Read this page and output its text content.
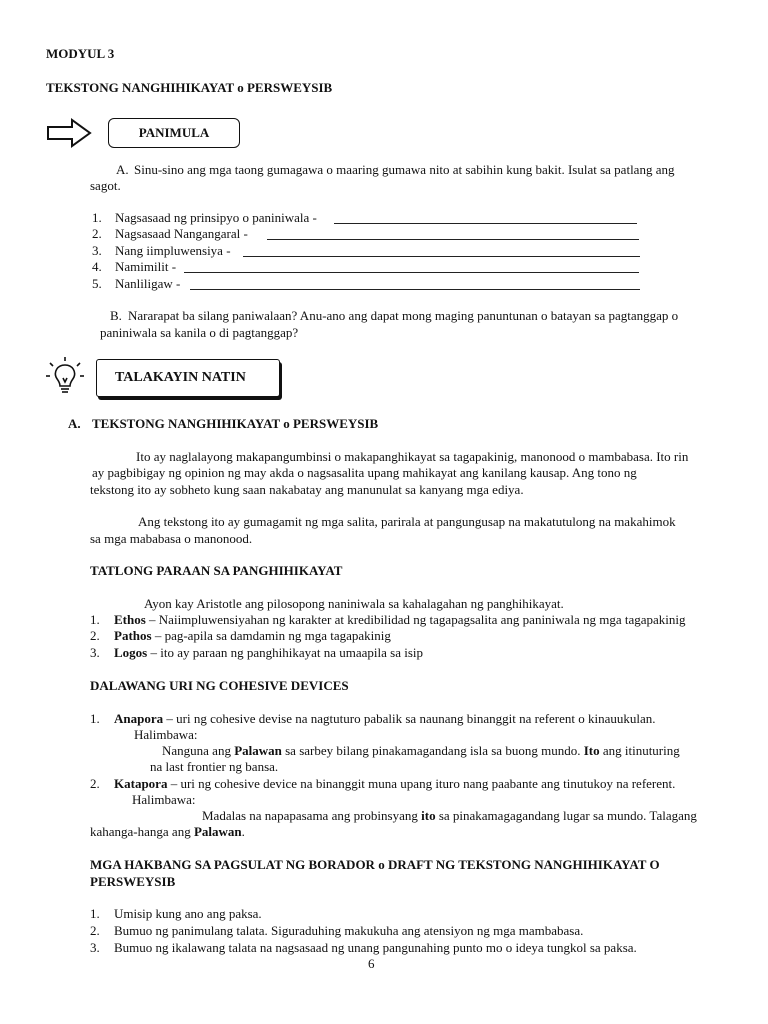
MODYUL 3
TEKSTONG NANGHIHIKAYAT o PERSWEYSIB
PANIMULA
A. Sinu-sino ang mga taong gumagawa o maaring gumawa nito at sabihin kung bakit. Isulat sa patlang ang
sagot.
1. Nagsasaad ng prinsipyo o paniniwala -
2. Nagsasaad Nangangaral -
3. Nang iimpluwensiya -
4. Namimilit -
5. Nanliligaw -
B. Nararapat ba silang paniwalaan? Anu-ano ang dapat mong maging panuntunan o batayan sa pagtanggap o
paniniwala sa kanila o di pagtanggap?
TALAKAYIN NATIN
A. TEKSTONG NANGHIHIKAYAT o PERSWEYSIB
Ito ay naglalayong makapangumbinsi o makapanghikayat sa tagapakinig, manonood o mambabasa. Ito rin
ay pagbibigay ng opinion ng may akda o nagsasalita upang mahikayat ang kanilang kausap. Ang tono ng
tekstong ito ay sobheto kung saan nakabatay ang manunulat sa kanyang mga ediya.
Ang tekstong ito ay gumagamit ng mga salita, parirala at pangungusap na makatutulong na makahimok
sa mga mababasa o manonood.
TATLONG PARAAN SA PANGHIHIKAYAT
Ayon kay Aristotle ang pilosopong naniniwala sa kahalagahan ng panghihikayat.
1. Ethos – Naiimpluwensiyahan ng karakter at kredibilidad ng tagapagsalita ang paniniwala ng mga tagapakinig
2. Pathos – pag-apila sa damdamin ng mga tagapakinig
3. Logos – ito ay paraan ng panghihikayat na umaapila sa isip
DALAWANG URI NG COHESIVE DEVICES
1. Anapora – uri ng cohesive devise na nagtuturo pabalik sa naunang binanggit na referent o kinauukulan.
Halimbawa:
Nanguna ang Palawan sa sarbey bilang pinakamagandang isla sa buong mundo. Ito ang itinuturing
na last frontier ng bansa.
2. Katapora – uri ng cohesive device na binanggit muna upang ituro nang paabante ang tinutukoy na referent.
Halimbawa:
Madalas na napapasama ang probinsyang ito sa pinakamagagandang lugar sa mundo. Talagang
kahanga-hanga ang Palawan.
MGA HAKBANG SA PAGSULAT NG BORADOR o DRAFT NG TEKSTONG NANGHIHIKAYAT O
PERSWEYSIB
1. Umisip kung ano ang paksa.
2. Bumuo ng panimulang talata. Siguraduhing makukuha ang atensiyon ng mga mambabasa.
3. Bumuo ng ikalawang talata na nagsasaad ng unang pangunahing punto mo o ideya tungkol sa paksa.
6
